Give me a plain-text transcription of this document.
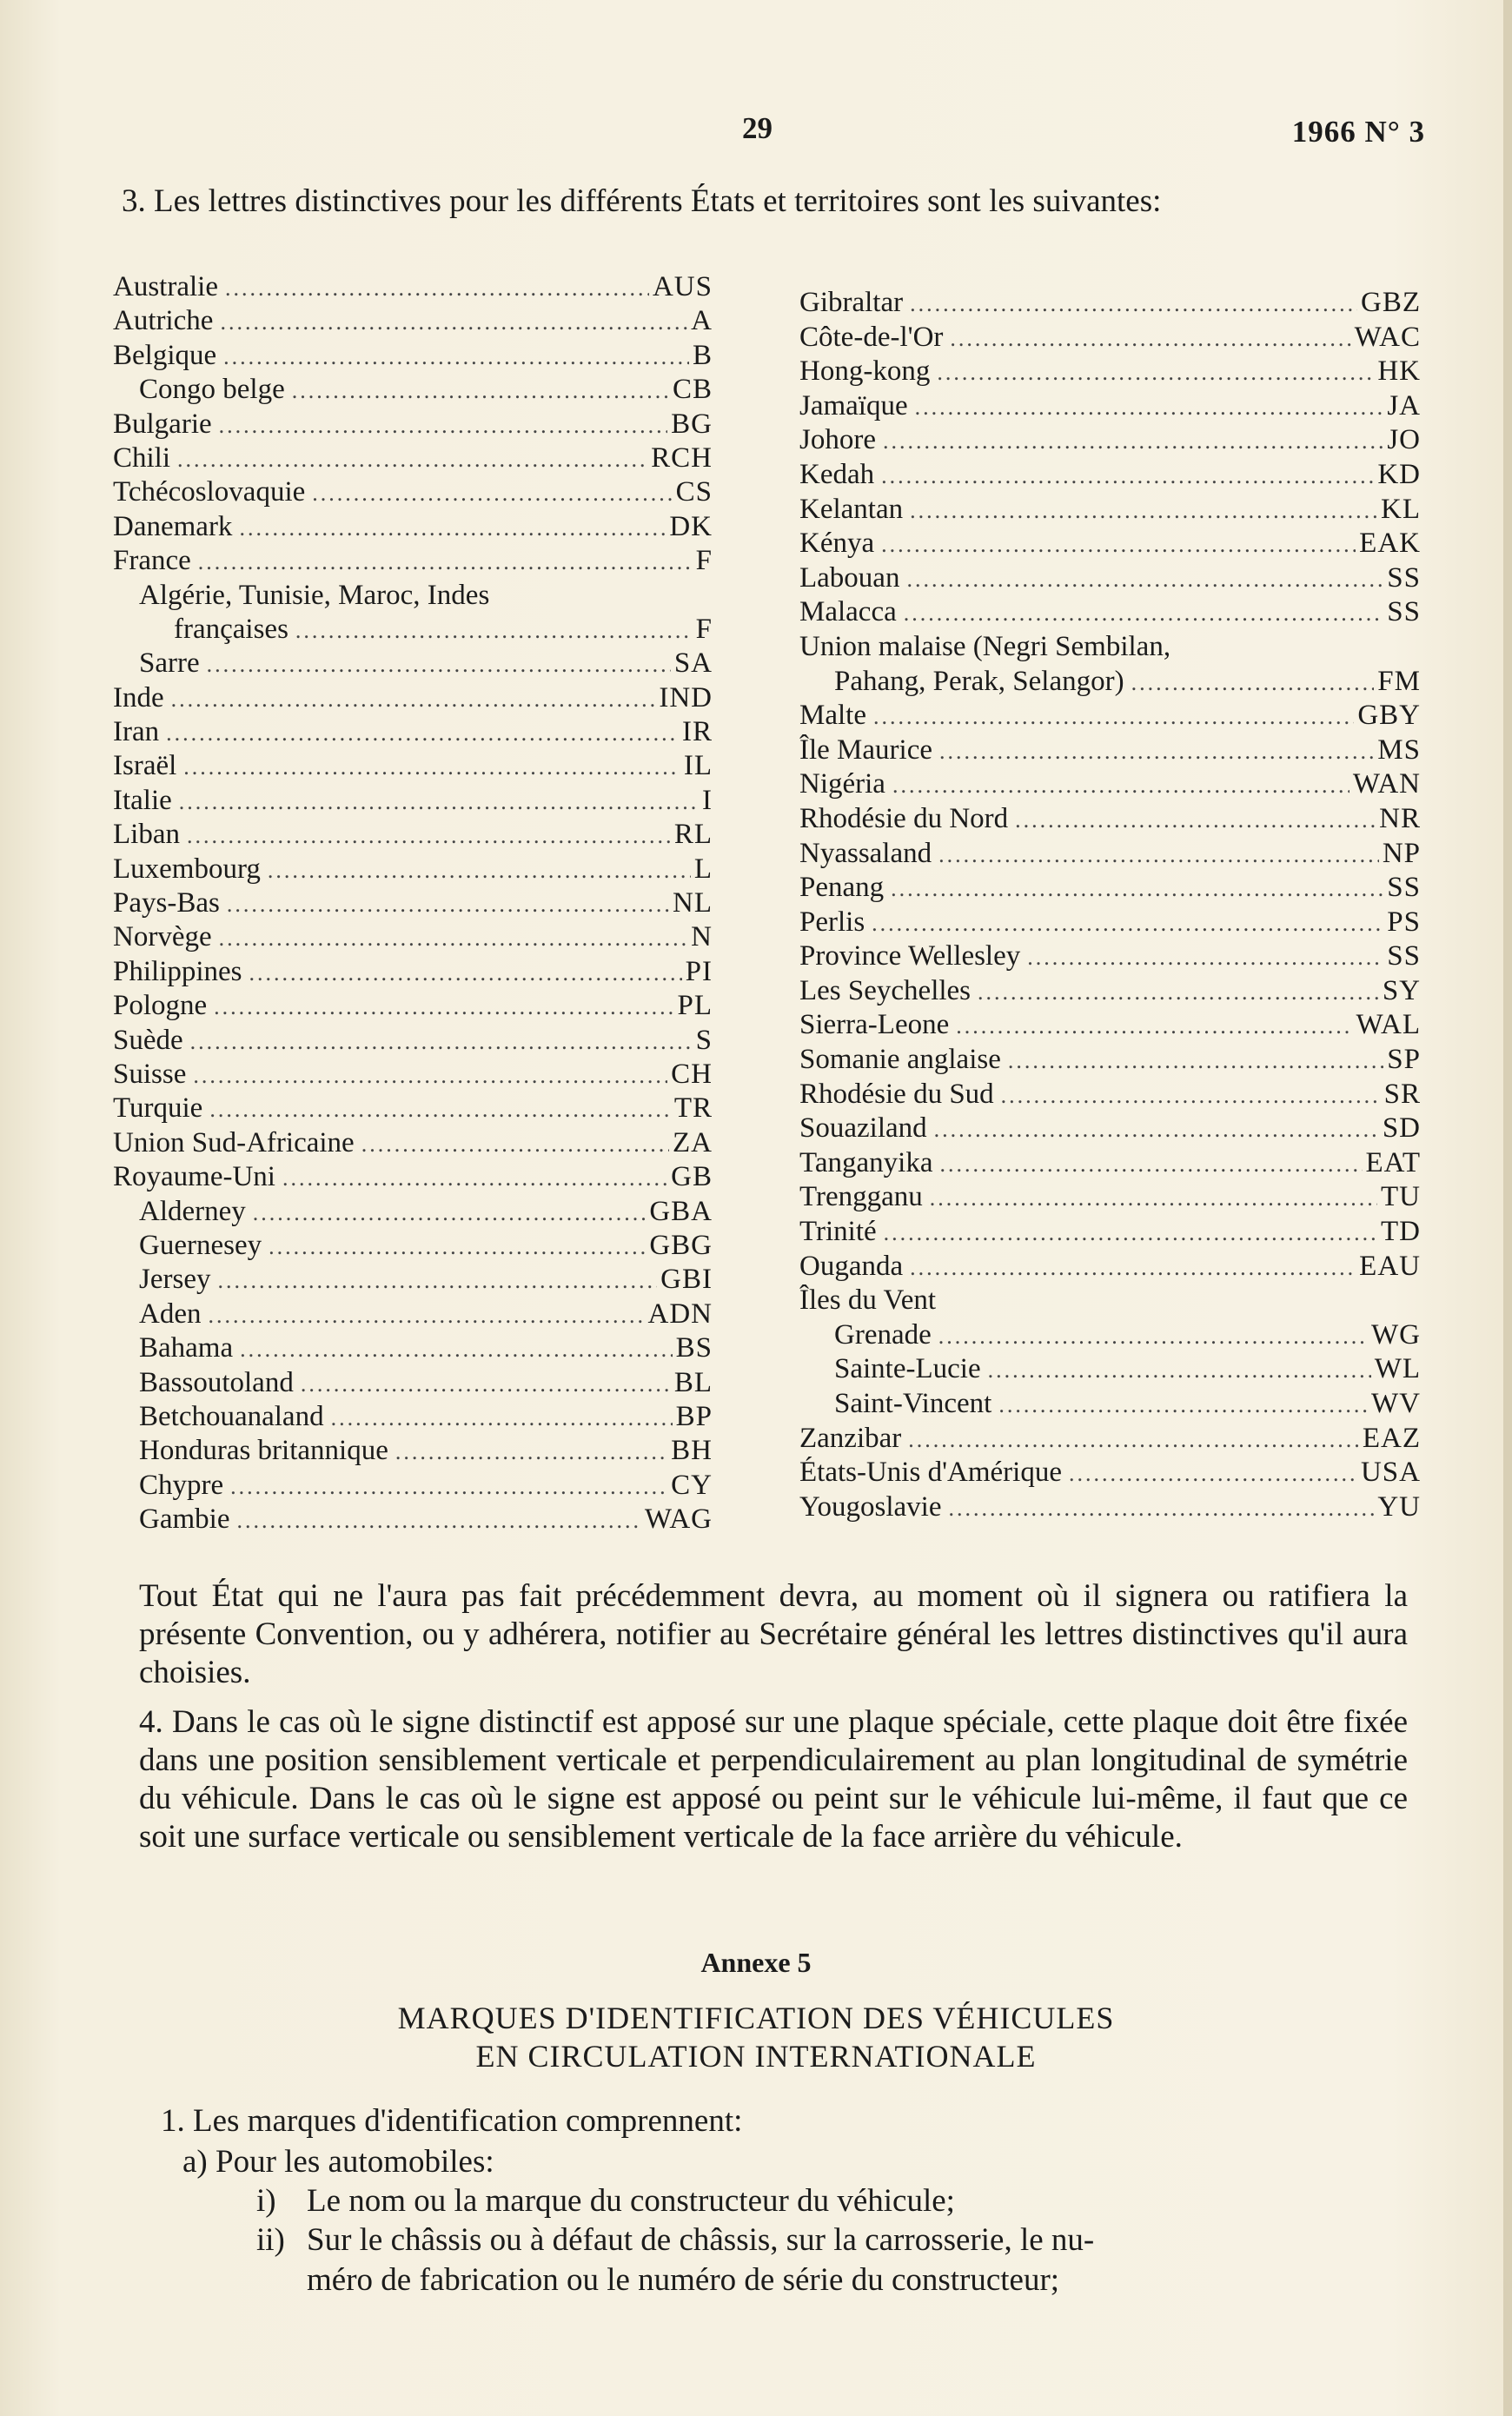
29	1966 N° 3
3. Les lettres distinctives pour les différents États et territoires sont les suivantes:
Australie .....	AUS
Autriche .....	A
Belgique .....	B
Congo belge .....	CB
Bulgarie .....	BG
Chili .....	RCH
Tchécoslovaquie .....	CS
Danemark .....	DK
France .....	F
Algérie, Tunisie, Maroc, Indes
françaises .....	F
Sarre .....	SA
Inde .....	IND
Iran .....	IR
Israël .....	IL
Italie .....	I
Liban .....	RL
Luxembourg .....	L
Pays-Bas .....	NL
Norvège .....	N
Philippines .....	PI
Pologne .....	PL
Suède .....	S
Suisse .....	CH
Turquie .....	TR
Union Sud-Africaine .....	ZA
Royaume-Uni .....	GB
Alderney .....	GBA
Guernesey .....	GBG
Jersey .....	GBI
Aden .....	ADN
Bahama .....	BS
Bassoutoland .....	BL
Betchouanaland .....	BP
Honduras britannique .....	BH
Chypre .....	CY
Gambie .....	WAG
Gibraltar .....	GBZ
Côte-de-l'Or .....	WAC
Hong-kong .....	HK
Jamaïque .....	JA
Johore .....	JO
Kedah .....	KD
Kelantan .....	KL
Kénya .....	EAK
Labouan .....	SS
Malacca .....	SS
Union malaise (Negri Sembilan,
Pahang, Perak, Selangor) .....	FM
Malte .....	GBY
Île Maurice .....	MS
Nigéria .....	WAN
Rhodésie du Nord .....	NR
Nyassaland .....	NP
Penang .....	SS
Perlis .....	PS
Province Wellesley .....	SS
Les Seychelles .....	SY
Sierra-Leone .....	WAL
Somanie anglaise .....	SP
Rhodésie du Sud .....	SR
Souaziland .....	SD
Tanganyika .....	EAT
Trengganu .....	TU
Trinité .....	TD
Ouganda .....	EAU
Îles du Vent
Grenade .....	WG
Sainte-Lucie .....	WL
Saint-Vincent .....	WV
Zanzibar .....	EAZ
États-Unis d'Amérique .....	USA
Yougoslavie .....	YU
Tout État qui ne l'aura pas fait précédemment devra, au moment où il signera ou ratifiera la présente Convention, ou y adhérera, notifier au Secrétaire général les lettres distinctives qu'il aura choisies.
4. Dans le cas où le signe distinctif est apposé sur une plaque spéciale, cette plaque doit être fixée dans une position sensiblement verticale et perpendiculairement au plan longitudinal de symétrie du véhicule. Dans le cas où le signe est apposé ou peint sur le véhicule lui-même, il faut que ce soit une surface verticale ou sensiblement verticale de la face arrière du véhicule.
Annexe 5
MARQUES D'IDENTIFICATION DES VÉHICULES
EN CIRCULATION INTERNATIONALE
1. Les marques d'identification comprennent:
a) Pour les automobiles:
i) Le nom ou la marque du constructeur du véhicule;
ii) Sur le châssis ou à défaut de châssis, sur la carrosserie, le nu-
méro de fabrication ou le numéro de série du constructeur;
